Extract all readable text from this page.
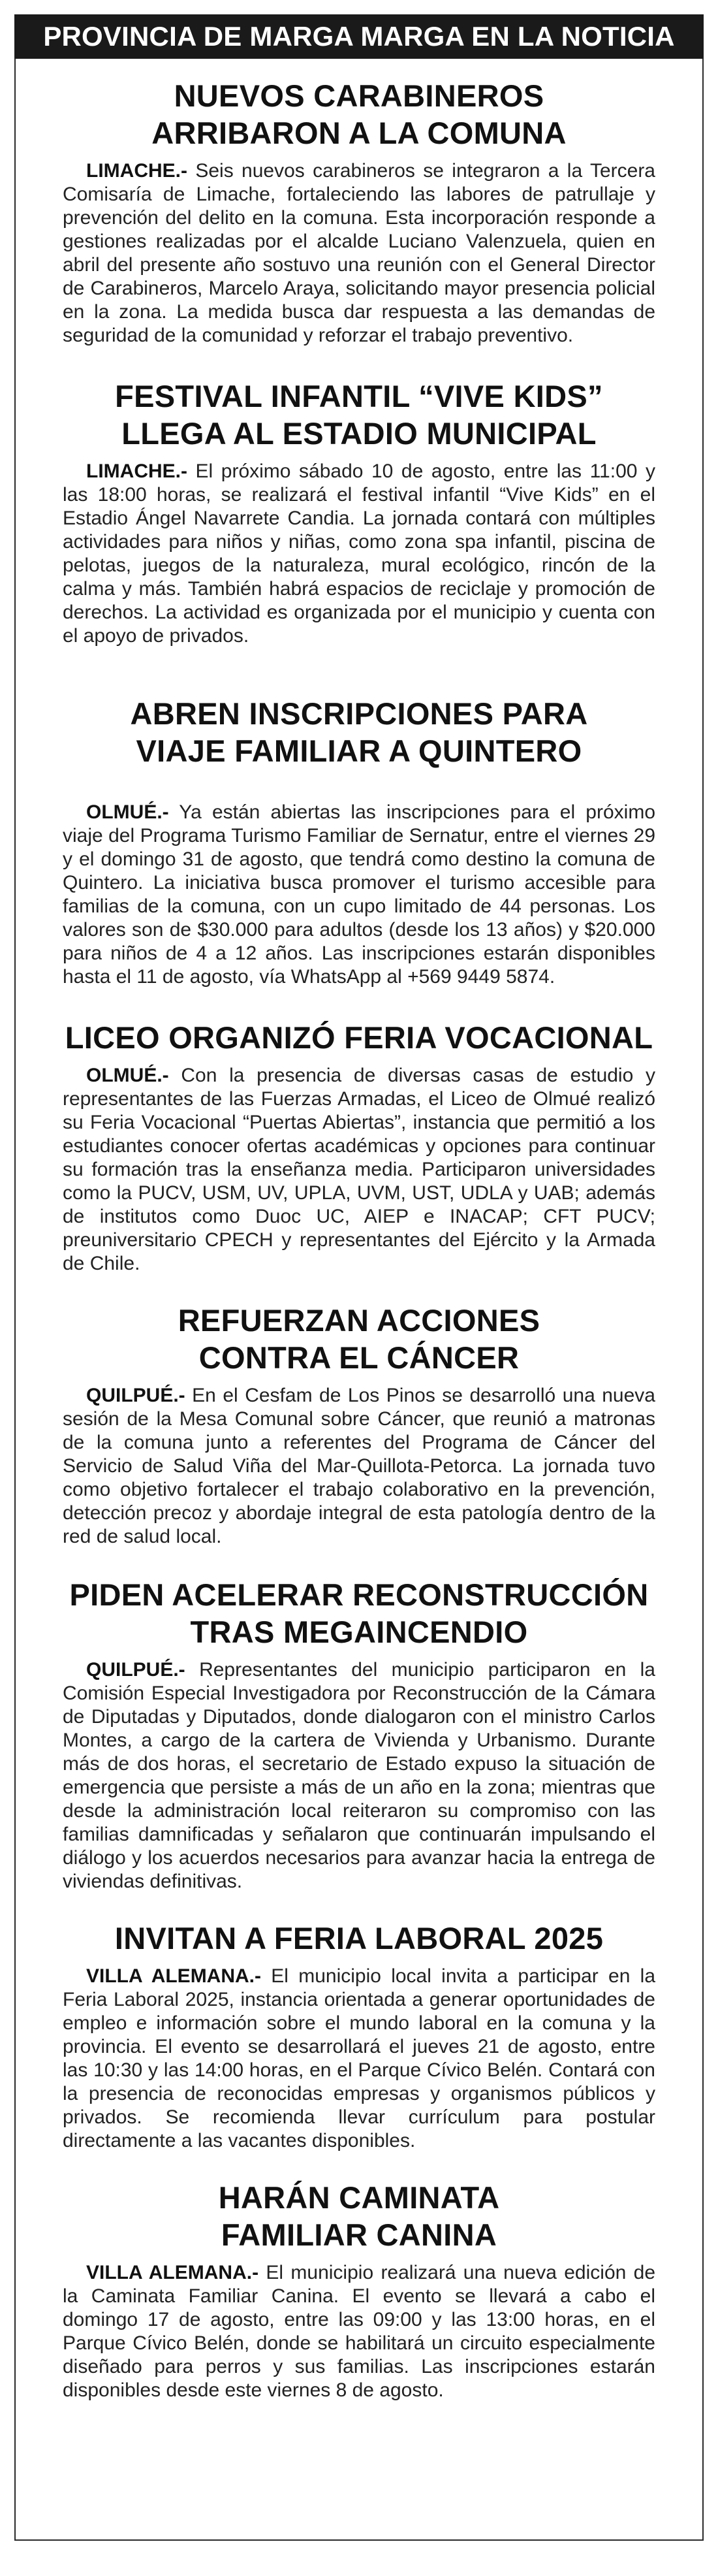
PROVINCIA DE MARGA MARGA EN LA NOTICIA
NUEVOS CARABINEROS
ARRIBARON A LA COMUNA

LIMACHE.- Seis nuevos carabineros se integraron a la Tercera Comisaría de Limache, fortaleciendo las labores de patrullaje y prevención del delito en la comuna. Esta incorporación responde a gestiones realizadas por el alcalde Luciano Valenzuela, quien en abril del presente año sostuvo una reunión con el General Director de Carabineros, Marcelo Araya, solicitando mayor presencia policial en la zona. La medida busca dar respuesta a las demandas de seguridad de la comunidad y reforzar el trabajo preventivo.

FESTIVAL INFANTIL “VIVE KIDS”
LLEGA AL ESTADIO MUNICIPAL

LIMACHE.- El próximo sábado 10 de agosto, entre las 11:00 y las 18:00 horas, se realizará el festival infantil “Vive Kids” en el Estadio Ángel Navarrete Candia. La jornada contará con múltiples actividades para niños y niñas, como zona spa infantil, piscina de pelotas, juegos de la naturaleza, mural ecológico, rincón de la calma y más. También habrá espacios de reciclaje y promoción de derechos. La actividad es organizada por el municipio y cuenta con el apoyo de privados.

ABREN INSCRIPCIONES PARA
VIAJE FAMILIAR A QUINTERO

OLMUÉ.- Ya están abiertas las inscripciones para el próximo viaje del Programa Turismo Familiar de Sernatur, entre el viernes 29 y el domingo 31 de agosto, que tendrá como destino la comuna de Quintero. La iniciativa busca promover el turismo accesible para familias de la comuna, con un cupo limitado de 44 personas. Los valores son de $30.000 para adultos (desde los 13 años) y $20.000 para niños de 4 a 12 años. Las inscripciones estarán disponibles hasta el 11 de agosto, vía WhatsApp al +569 9449 5874.

LICEO ORGANIZÓ FERIA VOCACIONAL

OLMUÉ.- Con la presencia de diversas casas de estudio y representantes de las Fuerzas Armadas, el Liceo de Olmué realizó su Feria Vocacional “Puertas Abiertas”, instancia que permitió a los estudiantes conocer ofertas académicas y opciones para continuar su formación tras la enseñanza media. Participaron universidades como la PUCV, USM, UV, UPLA, UVM, UST, UDLA y UAB; además de institutos como Duoc UC, AIEP e INACAP; CFT PUCV; preuniversitario CPECH y representantes del Ejército y la Armada de Chile.

REFUERZAN ACCIONES
CONTRA EL CÁNCER

QUILPUÉ.- En el Cesfam de Los Pinos se desarrolló una nueva sesión de la Mesa Comunal sobre Cáncer, que reunió a matronas de la comuna junto a referentes del Programa de Cáncer del Servicio de Salud Viña del Mar-Quillota-Petorca. La jornada tuvo como objetivo fortalecer el trabajo colaborativo en la prevención, detección precoz y abordaje integral de esta patología dentro de la red de salud local.

PIDEN ACELERAR RECONSTRUCCIÓN
TRAS MEGAINCENDIO

QUILPUÉ.- Representantes del municipio participaron en la Comisión Especial Investigadora por Reconstrucción de la Cámara de Diputadas y Diputados, donde dialogaron con el ministro Carlos Montes, a cargo de la cartera de Vivienda y Urbanismo. Durante más de dos horas, el secretario de Estado expuso la situación de emergencia que persiste a más de un año en la zona; mientras que desde la administración local reiteraron su compromiso con las familias damnificadas y señalaron que continuarán impulsando el diálogo y los acuerdos necesarios para avanzar hacia la entrega de viviendas definitivas.

INVITAN A FERIA LABORAL 2025

VILLA ALEMANA.- El municipio local invita a participar en la Feria Laboral 2025, instancia orientada a generar oportunidades de empleo e información sobre el mundo laboral en la comuna y la provincia. El evento se desarrollará el jueves 21 de agosto, entre las 10:30 y las 14:00 horas, en el Parque Cívico Belén. Contará con la presencia de reconocidas empresas y organismos públicos y privados. Se recomienda llevar currículum para postular directamente a las vacantes disponibles.

HARÁN CAMINATA
FAMILIAR CANINA

VILLA ALEMANA.- El municipio realizará una nueva edición de la Caminata Familiar Canina. El evento se llevará a cabo el domingo 17 de agosto, entre las 09:00 y las 13:00 horas, en el Parque Cívico Belén, donde se habilitará un circuito especialmente diseñado para perros y sus familias. Las inscripciones estarán disponibles desde este viernes 8 de agosto.
